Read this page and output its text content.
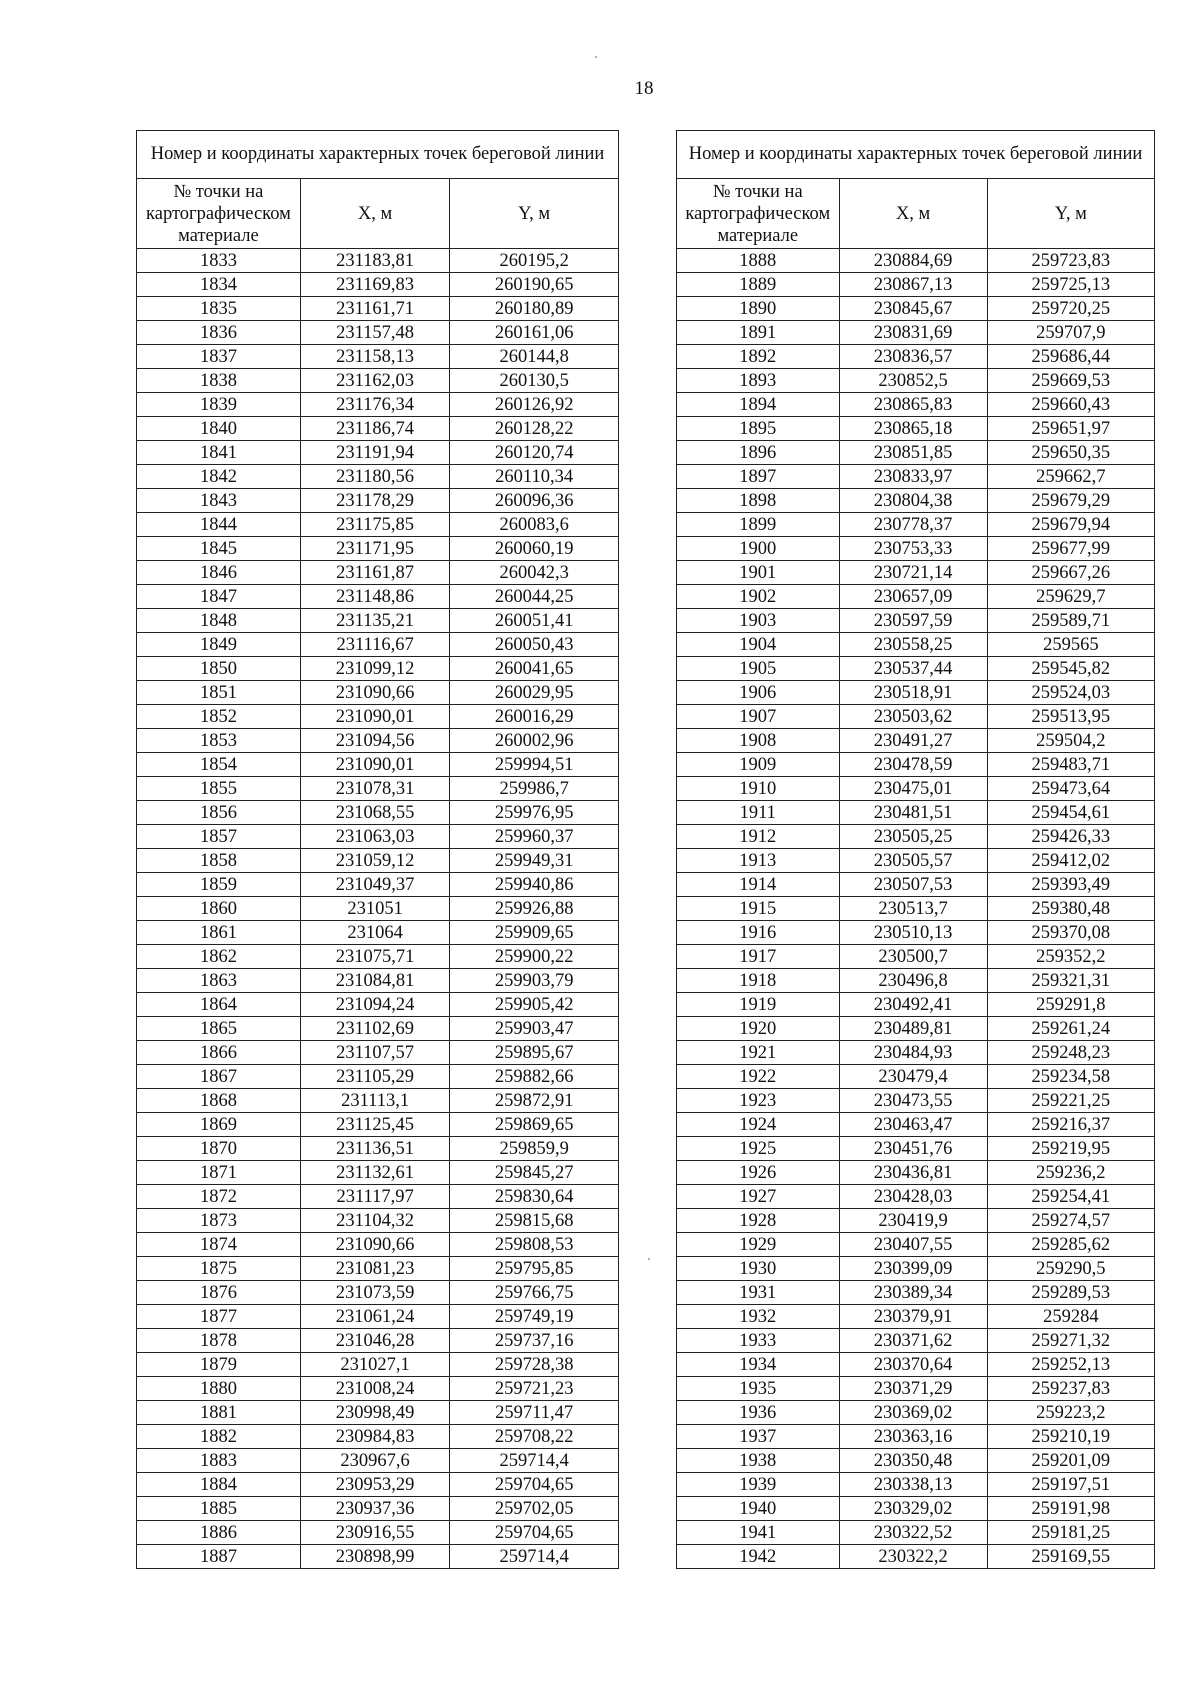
18
Номер и координаты характерных точек береговой линии		
№ точки на картографическом материале	X, м	Y, м
1833	231183,81	260195,2
1834	231169,83	260190,65
1835	231161,71	260180,89
1836	231157,48	260161,06
1837	231158,13	260144,8
1838	231162,03	260130,5
1839	231176,34	260126,92
1840	231186,74	260128,22
1841	231191,94	260120,74
1842	231180,56	260110,34
1843	231178,29	260096,36
1844	231175,85	260083,6
1845	231171,95	260060,19
1846	231161,87	260042,3
1847	231148,86	260044,25
1848	231135,21	260051,41
1849	231116,67	260050,43
1850	231099,12	260041,65
1851	231090,66	260029,95
1852	231090,01	260016,29
1853	231094,56	260002,96
1854	231090,01	259994,51
1855	231078,31	259986,7
1856	231068,55	259976,95
1857	231063,03	259960,37
1858	231059,12	259949,31
1859	231049,37	259940,86
1860	231051	259926,88
1861	231064	259909,65
1862	231075,71	259900,22
1863	231084,81	259903,79
1864	231094,24	259905,42
1865	231102,69	259903,47
1866	231107,57	259895,67
1867	231105,29	259882,66
1868	231113,1	259872,91
1869	231125,45	259869,65
1870	231136,51	259859,9
1871	231132,61	259845,27
1872	231117,97	259830,64
1873	231104,32	259815,68
1874	231090,66	259808,53
1875	231081,23	259795,85
1876	231073,59	259766,75
1877	231061,24	259749,19
1878	231046,28	259737,16
1879	231027,1	259728,38
1880	231008,24	259721,23
1881	230998,49	259711,47
1882	230984,83	259708,22
1883	230967,6	259714,4
1884	230953,29	259704,65
1885	230937,36	259702,05
1886	230916,55	259704,65
1887	230898,99	259714,4
Номер и координаты характерных точек береговой линии		
№ точки на картографическом материале	X, м	Y, м
1888	230884,69	259723,83
1889	230867,13	259725,13
1890	230845,67	259720,25
1891	230831,69	259707,9
1892	230836,57	259686,44
1893	230852,5	259669,53
1894	230865,83	259660,43
1895	230865,18	259651,97
1896	230851,85	259650,35
1897	230833,97	259662,7
1898	230804,38	259679,29
1899	230778,37	259679,94
1900	230753,33	259677,99
1901	230721,14	259667,26
1902	230657,09	259629,7
1903	230597,59	259589,71
1904	230558,25	259565
1905	230537,44	259545,82
1906	230518,91	259524,03
1907	230503,62	259513,95
1908	230491,27	259504,2
1909	230478,59	259483,71
1910	230475,01	259473,64
1911	230481,51	259454,61
1912	230505,25	259426,33
1913	230505,57	259412,02
1914	230507,53	259393,49
1915	230513,7	259380,48
1916	230510,13	259370,08
1917	230500,7	259352,2
1918	230496,8	259321,31
1919	230492,41	259291,8
1920	230489,81	259261,24
1921	230484,93	259248,23
1922	230479,4	259234,58
1923	230473,55	259221,25
1924	230463,47	259216,37
1925	230451,76	259219,95
1926	230436,81	259236,2
1927	230428,03	259254,41
1928	230419,9	259274,57
1929	230407,55	259285,62
1930	230399,09	259290,5
1931	230389,34	259289,53
1932	230379,91	259284
1933	230371,62	259271,32
1934	230370,64	259252,13
1935	230371,29	259237,83
1936	230369,02	259223,2
1937	230363,16	259210,19
1938	230350,48	259201,09
1939	230338,13	259197,51
1940	230329,02	259191,98
1941	230322,52	259181,25
1942	230322,2	259169,55
